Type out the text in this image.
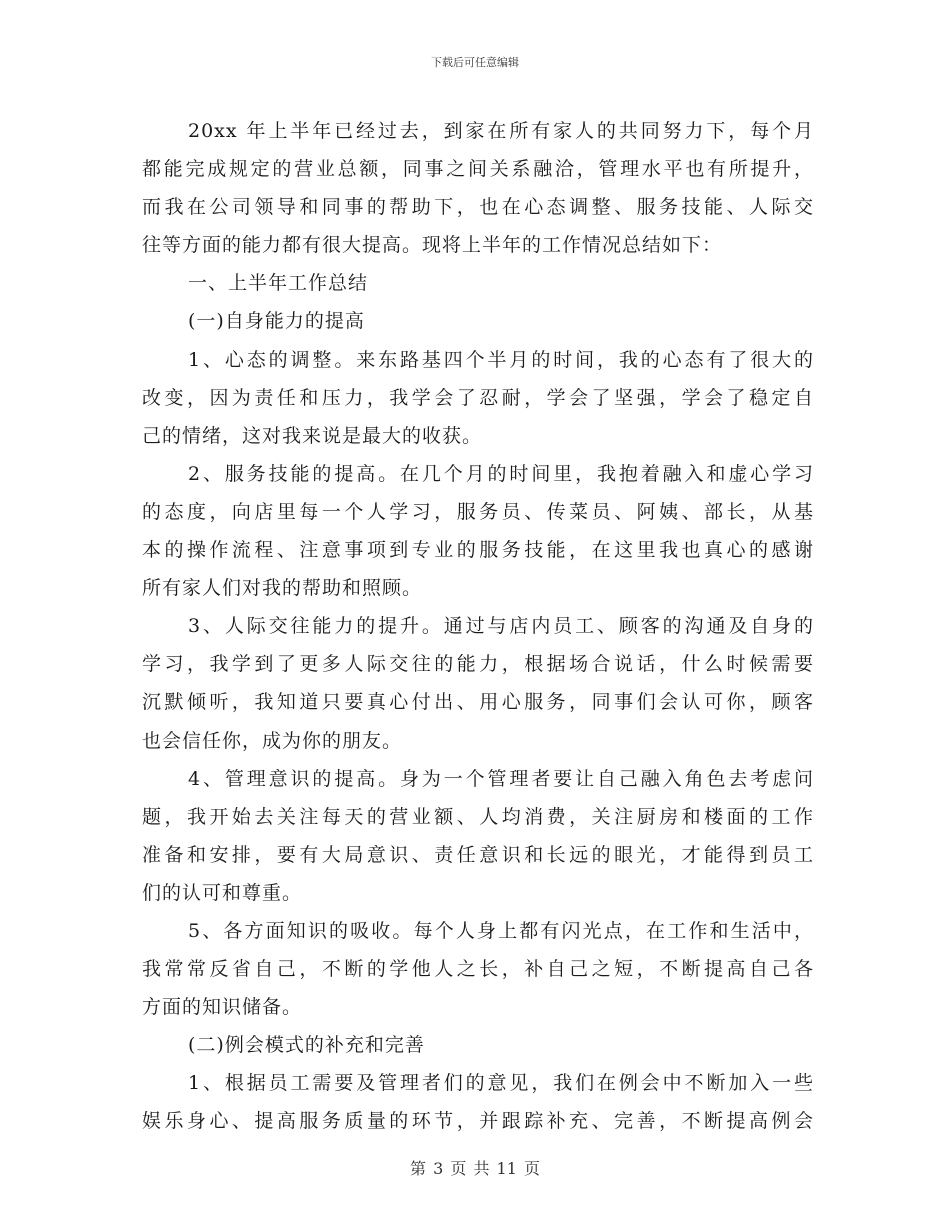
下载后可任意编辑
20xx 年上半年已经过去，到家在所有家人的共同努力下，每个月
都能完成规定的营业总额，同事之间关系融洽，管理水平也有所提升，
而我在公司领导和同事的帮助下，也在心态调整、服务技能、人际交
往等方面的能力都有很大提高。现将上半年的工作情况总结如下：
一、上半年工作总结
(一)自身能力的提高
1、心态的调整。来东路基四个半月的时间，我的心态有了很大的
改变，因为责任和压力，我学会了忍耐，学会了坚强，学会了稳定自
己的情绪，这对我来说是最大的收获。
2、服务技能的提高。在几个月的时间里，我抱着融入和虚心学习
的态度，向店里每一个人学习，服务员、传菜员、阿姨、部长，从基
本的操作流程、注意事项到专业的服务技能，在这里我也真心的感谢
所有家人们对我的帮助和照顾。
3、人际交往能力的提升。通过与店内员工、顾客的沟通及自身的
学习，我学到了更多人际交往的能力，根据场合说话，什么时候需要
沉默倾听，我知道只要真心付出、用心服务，同事们会认可你，顾客
也会信任你，成为你的朋友。
4、管理意识的提高。身为一个管理者要让自己融入角色去考虑问
题，我开始去关注每天的营业额、人均消费，关注厨房和楼面的工作
准备和安排，要有大局意识、责任意识和长远的眼光，才能得到员工
们的认可和尊重。
5、各方面知识的吸收。每个人身上都有闪光点，在工作和生活中，
我常常反省自己，不断的学他人之长，补自己之短，不断提高自己各
方面的知识储备。
(二)例会模式的补充和完善
1、根据员工需要及管理者们的意见，我们在例会中不断加入一些
娱乐身心、提高服务质量的环节，并跟踪补充、完善，不断提高例会
第 3 页 共 11 页
